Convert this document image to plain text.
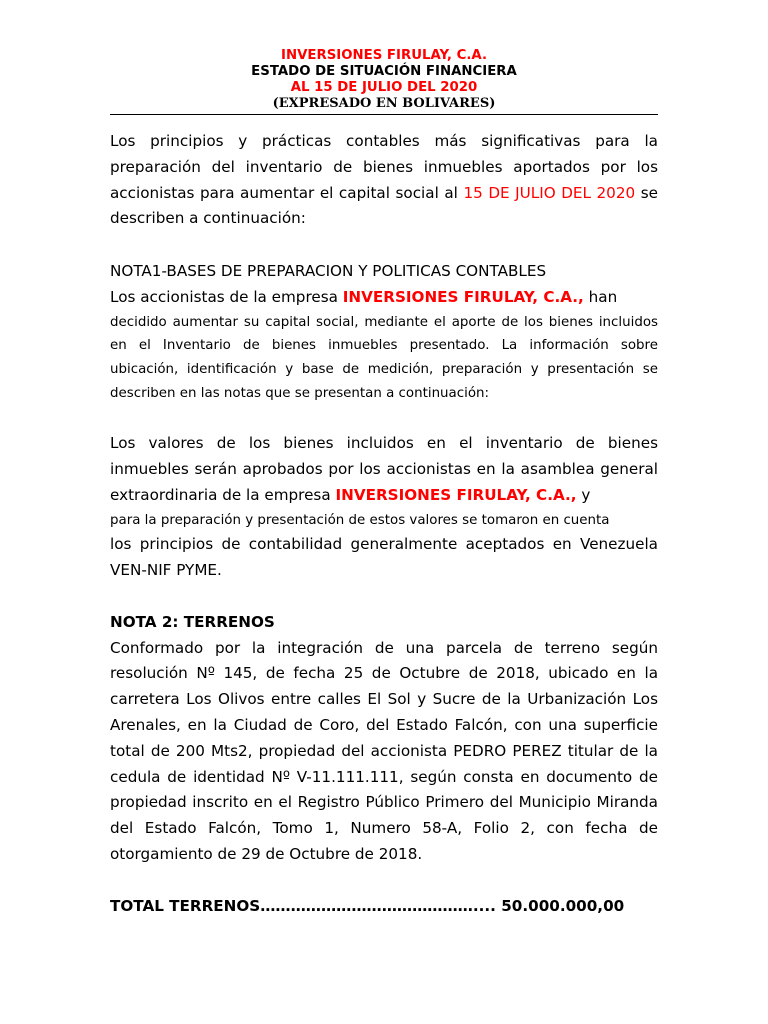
INVERSIONES FIRULAY, C.A.
ESTADO DE SITUACIÓN FINANCIERA
AL 15 DE JULIO DEL 2020
(EXPRESADO EN BOLIVARES)

Los principios y prácticas contables más significativas para la preparación del inventario de bienes inmuebles aportados por los accionistas para aumentar el capital social al 15 DE JULIO DEL 2020 se describen a continuación:

NOTA1-BASES DE PREPARACION Y POLITICAS CONTABLES

Los accionistas de la empresa INVERSIONES FIRULAY, C.A., han

decidido aumentar su capital social, mediante el aporte de los bienes incluidos en el Inventario de bienes inmuebles presentado. La información sobre ubicación, identificación y base de medición, preparación y presentación se describen en las notas que se presentan a continuación:

Los valores de los bienes incluidos en el inventario de bienes inmuebles serán aprobados por los accionistas en la asamblea general extraordinaria de la empresa INVERSIONES FIRULAY, C.A., y

para la preparación y presentación de estos valores se tomaron en cuenta

los principios de contabilidad generalmente aceptados en Venezuela VEN-NIF PYME.

NOTA 2: TERRENOS

Conformado por la integración de una parcela de terreno según resolución Nº 145, de fecha 25 de Octubre de 2018, ubicado en la carretera Los Olivos entre calles El Sol y Sucre de la Urbanización Los Arenales, en la Ciudad de Coro, del Estado Falcón, con una superficie total de 200 Mts2, propiedad del accionista PEDRO PEREZ titular de la cedula de identidad Nº V-11.111.111, según consta en documento de propiedad inscrito en el Registro Público Primero del Municipio Miranda del Estado Falcón, Tomo 1, Numero 58-A, Folio 2, con fecha de otorgamiento de 29 de Octubre de 2018.

TOTAL TERRENOS…………………………………….... 50.000.000,00
